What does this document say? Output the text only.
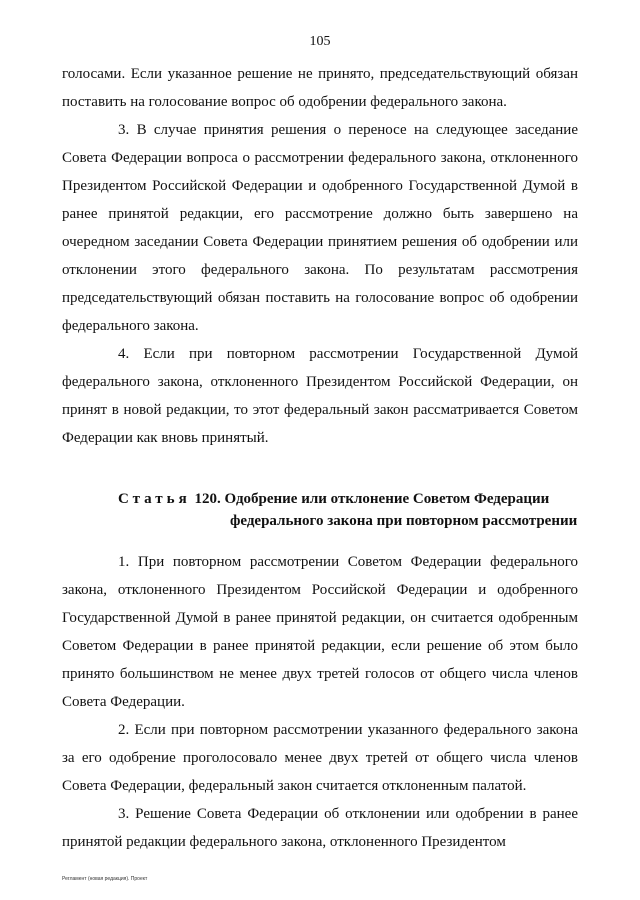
105

голосами. Если указанное решение не принято, председательствующий обязан поставить на голосование вопрос об одобрении федерального закона.

3. В случае принятия решения о переносе на следующее заседание Совета Федерации вопроса о рассмотрении федерального закона, отклоненного Президентом Российской Федерации и одобренного Государственной Думой в ранее принятой редакции, его рассмотрение должно быть завершено на очередном заседании Совета Федерации принятием решения об одобрении или отклонении этого федерального закона. По результатам рассмотрения председательствующий обязан поставить на голосование вопрос об одобрении федерального закона.

4. Если при повторном рассмотрении Государственной Думой федерального закона, отклоненного Президентом Российской Федерации, он принят в новой редакции, то этот федеральный закон рассматривается Советом Федерации как вновь принятый.

Статья 120. Одобрение или отклонение Советом Федерации
федерального закона при повторном рассмотрении

1. При повторном рассмотрении Советом Федерации федерального закона, отклоненного Президентом Российской Федерации и одобренного Государственной Думой в ранее принятой редакции, он считается одобренным Советом Федерации в ранее принятой редакции, если решение об этом было принято большинством не менее двух третей голосов от общего числа членов Совета Федерации.

2. Если при повторном рассмотрении указанного федерального закона за его одобрение проголосовало менее двух третей от общего числа членов Совета Федерации, федеральный закон считается отклоненным палатой.

3. Решение Совета Федерации об отклонении или одобрении в ранее принятой редакции федерального закона, отклоненного Президентом

Регламент (новая редакция). Проект
